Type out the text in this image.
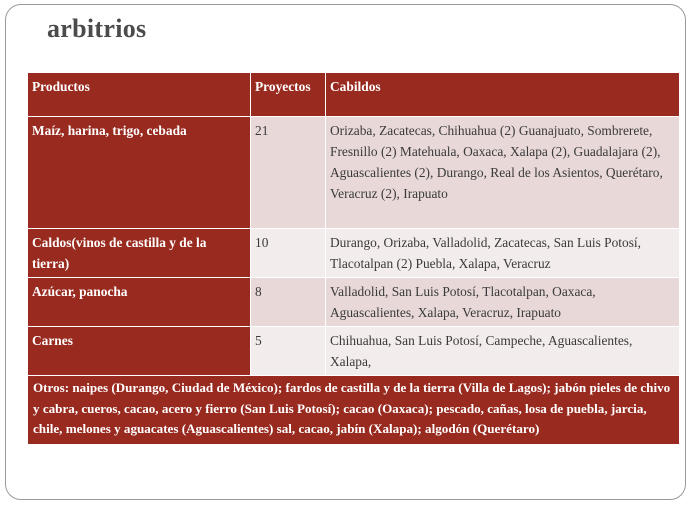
arbitrios
Productos	Proyectos	Cabildos
Maíz, harina, trigo, cebada	21	Orizaba, Zacatecas, Chihuahua (2) Guanajuato, Sombrerete, Fresnillo (2) Matehuala, Oaxaca, Xalapa (2), Guadalajara (2), Aguascalientes (2), Durango, Real de los Asientos, Querétaro, Veracruz (2), Irapuato
Caldos(vinos de castilla y de la tierra)	10	Durango, Orizaba, Valladolid, Zacatecas, San Luis Potosí, Tlacotalpan (2) Puebla, Xalapa, Veracruz
Azúcar, panocha	8	Valladolid, San Luis Potosí, Tlacotalpan, Oaxaca, Aguascalientes, Xalapa, Veracruz, Irapuato
Carnes	5	Chihuahua, San Luis Potosí, Campeche, Aguascalientes, Xalapa,
Otros: naipes (Durango, Ciudad de México); fardos de castilla y de la tierra (Villa de Lagos); jabón pieles de chivo y cabra, cueros, cacao, acero y fierro (San Luis Potosí); cacao (Oaxaca); pescado, cañas, losa de puebla, jarcia, chile, melones y aguacates (Aguascalientes) sal, cacao, jabín (Xalapa); algodón (Querétaro)		
